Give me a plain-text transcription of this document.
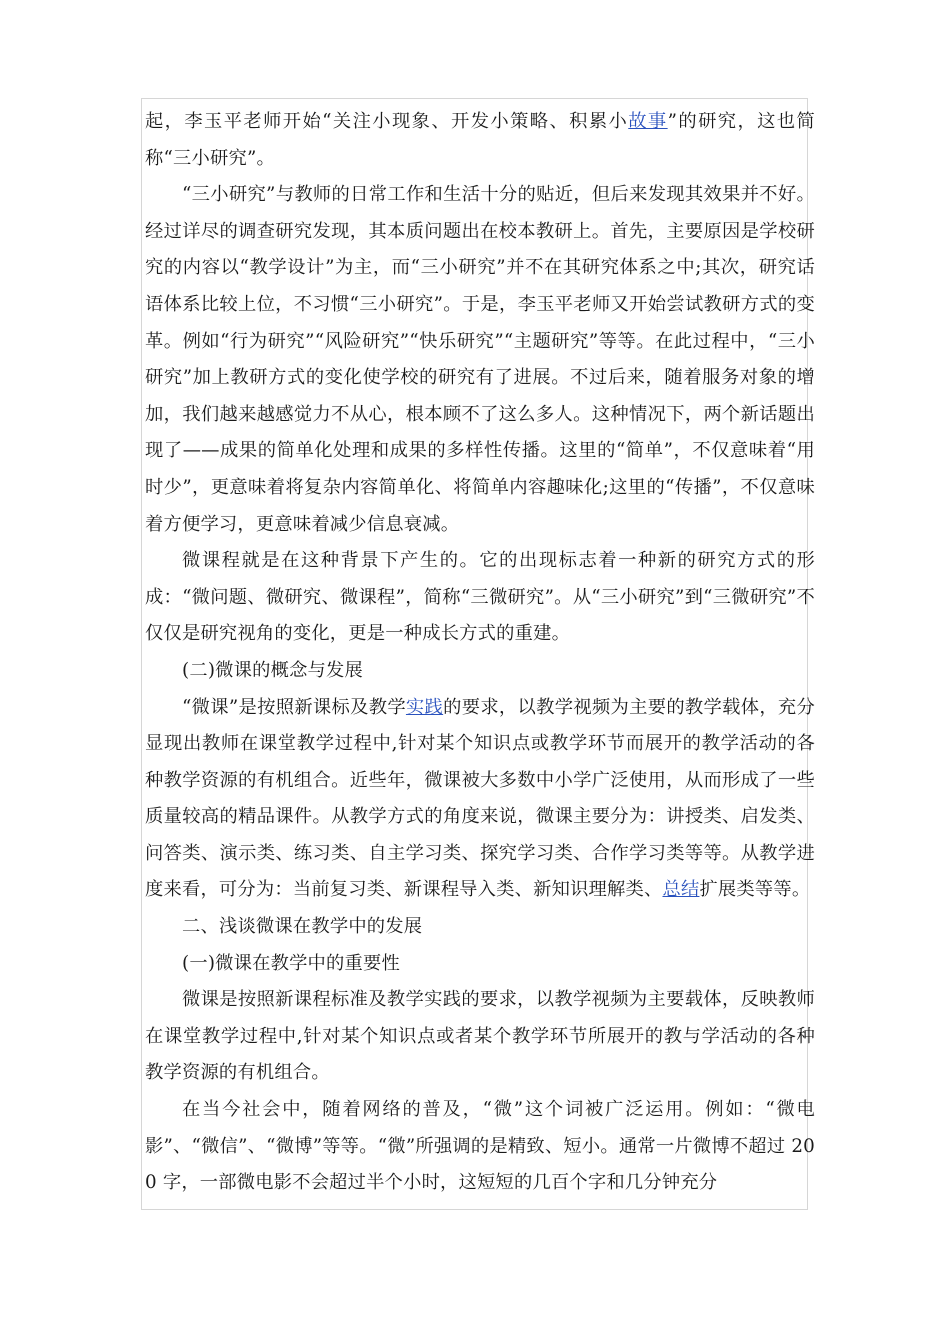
起，李玉平老师开始“关注小现象、开发小策略、积累小故事”的研究，这也简称“三小研究”。

“三小研究”与教师的日常工作和生活十分的贴近，但后来发现其效果并不好。经过详尽的调查研究发现，其本质问题出在校本教研上。首先，主要原因是学校研究的内容以“教学设计”为主，而“三小研究”并不在其研究体系之中;其次，研究话语体系比较上位，不习惯“三小研究”。于是，李玉平老师又开始尝试教研方式的变革。例如“行为研究”“风险研究”“快乐研究”“主题研究”等等。在此过程中，“三小研究”加上教研方式的变化使学校的研究有了进展。不过后来，随着服务对象的增加，我们越来越感觉力不从心，根本顾不了这么多人。这种情况下，两个新话题出现了——成果的简单化处理和成果的多样性传播。这里的“简单”，不仅意味着“用时少”，更意味着将复杂内容简单化、将简单内容趣味化;这里的“传播”，不仅意味着方便学习，更意味着减少信息衰减。

微课程就是在这种背景下产生的。它的出现标志着一种新的研究方式的形成：“微问题、微研究、微课程”，简称“三微研究”。从“三小研究”到“三微研究”不仅仅是研究视角的变化，更是一种成长方式的重建。

(二)微课的概念与发展

“微课”是按照新课标及教学实践的要求，以教学视频为主要的教学载体，充分显现出教师在课堂教学过程中,针对某个知识点或教学环节而展开的教学活动的各种教学资源的有机组合。近些年，微课被大多数中小学广泛使用，从而形成了一些质量较高的精品课件。从教学方式的角度来说，微课主要分为：讲授类、启发类、问答类、演示类、练习类、自主学习类、探究学习类、合作学习类等等。从教学进度来看，可分为：当前复习类、新课程导入类、新知识理解类、总结扩展类等等。

二、浅谈微课在教学中的发展

(一)微课在教学中的重要性

微课是按照新课程标准及教学实践的要求，以教学视频为主要载体，反映教师在课堂教学过程中,针对某个知识点或者某个教学环节所展开的教与学活动的各种教学资源的有机组合。

在当今社会中，随着网络的普及，“微”这个词被广泛运用。例如：“微电影”、“微信”、“微博”等等。“微”所强调的是精致、短小。通常一片微博不超过 200 字，一部微电影不会超过半个小时，这短短的几百个字和几分钟充分
